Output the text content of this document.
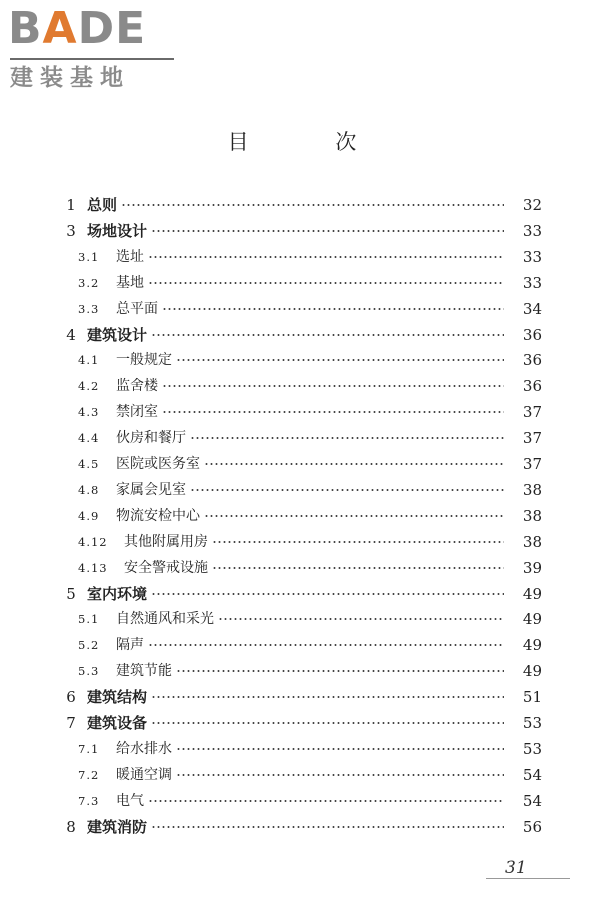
BADE
建装基地
目 次
1 总则	32
3 场地设计	33
3.1	选址	33
3.2	基地	33
3.3	总平面	34
4 建筑设计	36
4.1	一般规定	36
4.2	监舍楼	36
4.3	禁闭室	37
4.4	伙房和餐厅	37
4.5	医院或医务室	37
4.8	家属会见室	38
4.9	物流安检中心	38
4.12	其他附属用房	38
4.13	安全警戒设施	39
5 室内环境	49
5.1	自然通风和采光	49
5.2	隔声	49
5.3	建筑节能	49
6 建筑结构	51
7 建筑设备	53
7.1	给水排水	53
7.2	暖通空调	54
7.3	电气	54
8 建筑消防	56
31
